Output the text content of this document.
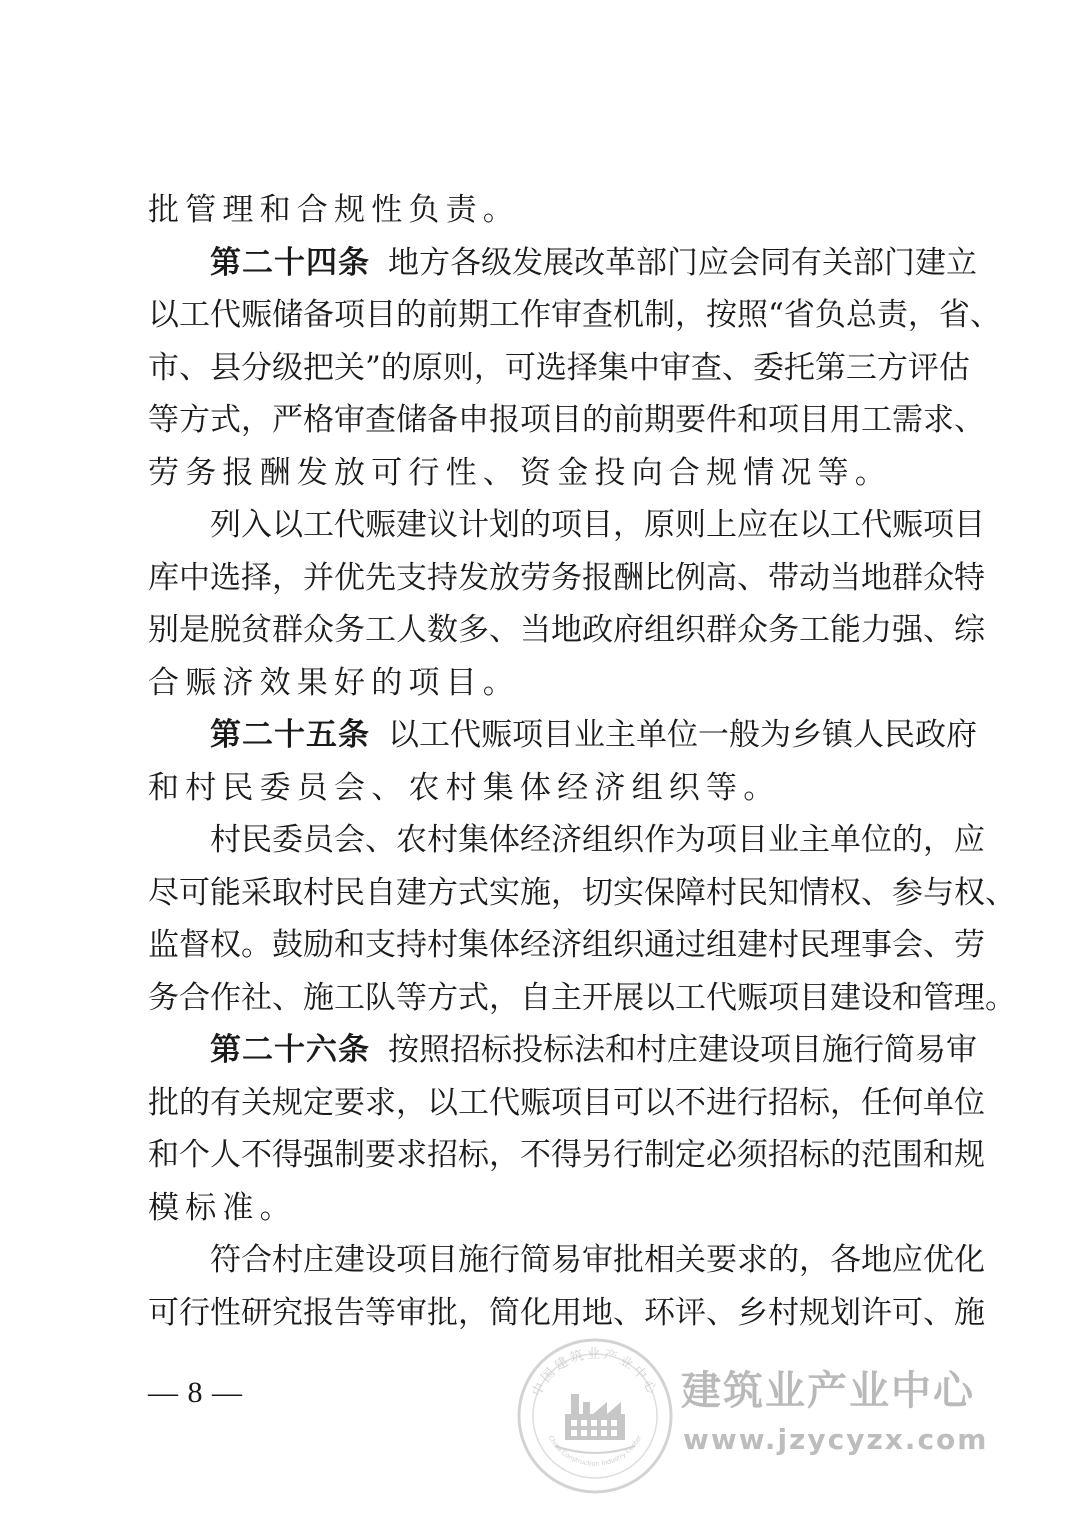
批管理和合规性负责。
第二十四条 地 方 各 级 发 展 改 革 部 门 应 会 同 有 关 部 门 建 立
以 工 代 赈 储 备 项 目 的 前 期 工 作 审 查 机 制 ， 按 照 “ 省 负 总 责 ， 省 、
市 、 县 分 级 把 关 ” 的 原 则 ， 可 选 择 集 中 审 查 、 委 托 第 三 方 评 估
等 方 式 ， 严 格 审 查 储 备 申 报 项 目 的 前 期 要 件 和 项 目 用 工 需 求 、
劳务报酬发放可行性、资金投向合规情况等。
列 入 以 工 代 赈 建 议 计 划 的 项 目 ， 原 则 上 应 在 以 工 代 赈 项 目
库 中 选 择 ， 并 优 先 支 持 发 放 劳 务 报 酬 比 例 高 、 带 动 当 地 群 众 特
别 是 脱 贫 群 众 务 工 人 数 多 、 当 地 政 府 组 织 群 众 务 工 能 力 强 、 综
合赈济效果好的项目。
第二十五条 以 工 代 赈 项 目 业 主 单 位 一 般 为 乡 镇 人 民 政 府
和村民委员会、农村集体经济组织等。
村 民 委 员 会 、 农 村 集 体 经 济 组 织 作 为 项 目 业 主 单 位 的 ， 应
尽 可 能 采 取 村 民 自 建 方 式 实 施 ， 切 实 保 障 村 民 知 情 权 、 参 与 权 、
监 督 权 。 鼓 励 和 支 持 村 集 体 经 济 组 织 通 过 组 建 村 民 理 事 会 、 劳
务 合 作 社 、 施 工 队 等 方 式 ， 自 主 开 展 以 工 代 赈 项 目 建 设 和 管 理 。
第二十六条 按 照 招 标 投 标 法 和 村 庄 建 设 项 目 施 行 简 易 审
批 的 有 关 规 定 要 求 ， 以 工 代 赈 项 目 可 以 不 进 行 招 标 ， 任 何 单 位
和 个 人 不 得 强 制 要 求 招 标 ， 不 得 另 行 制 定 必 须 招 标 的 范 围 和 规
模标准。
符 合 村 庄 建 设 项 目 施 行 简 易 审 批 相 关 要 求 的 ， 各 地 应 优 化
可 行 性 研 究 报 告 等 审 批 ， 简 化 用 地 、 环 评 、 乡 村 规 划 许 可 、 施
— 8 —	中国建筑业产业中心
China Construction Industry Center
建筑业产业中心
www.jzycyzx.com
